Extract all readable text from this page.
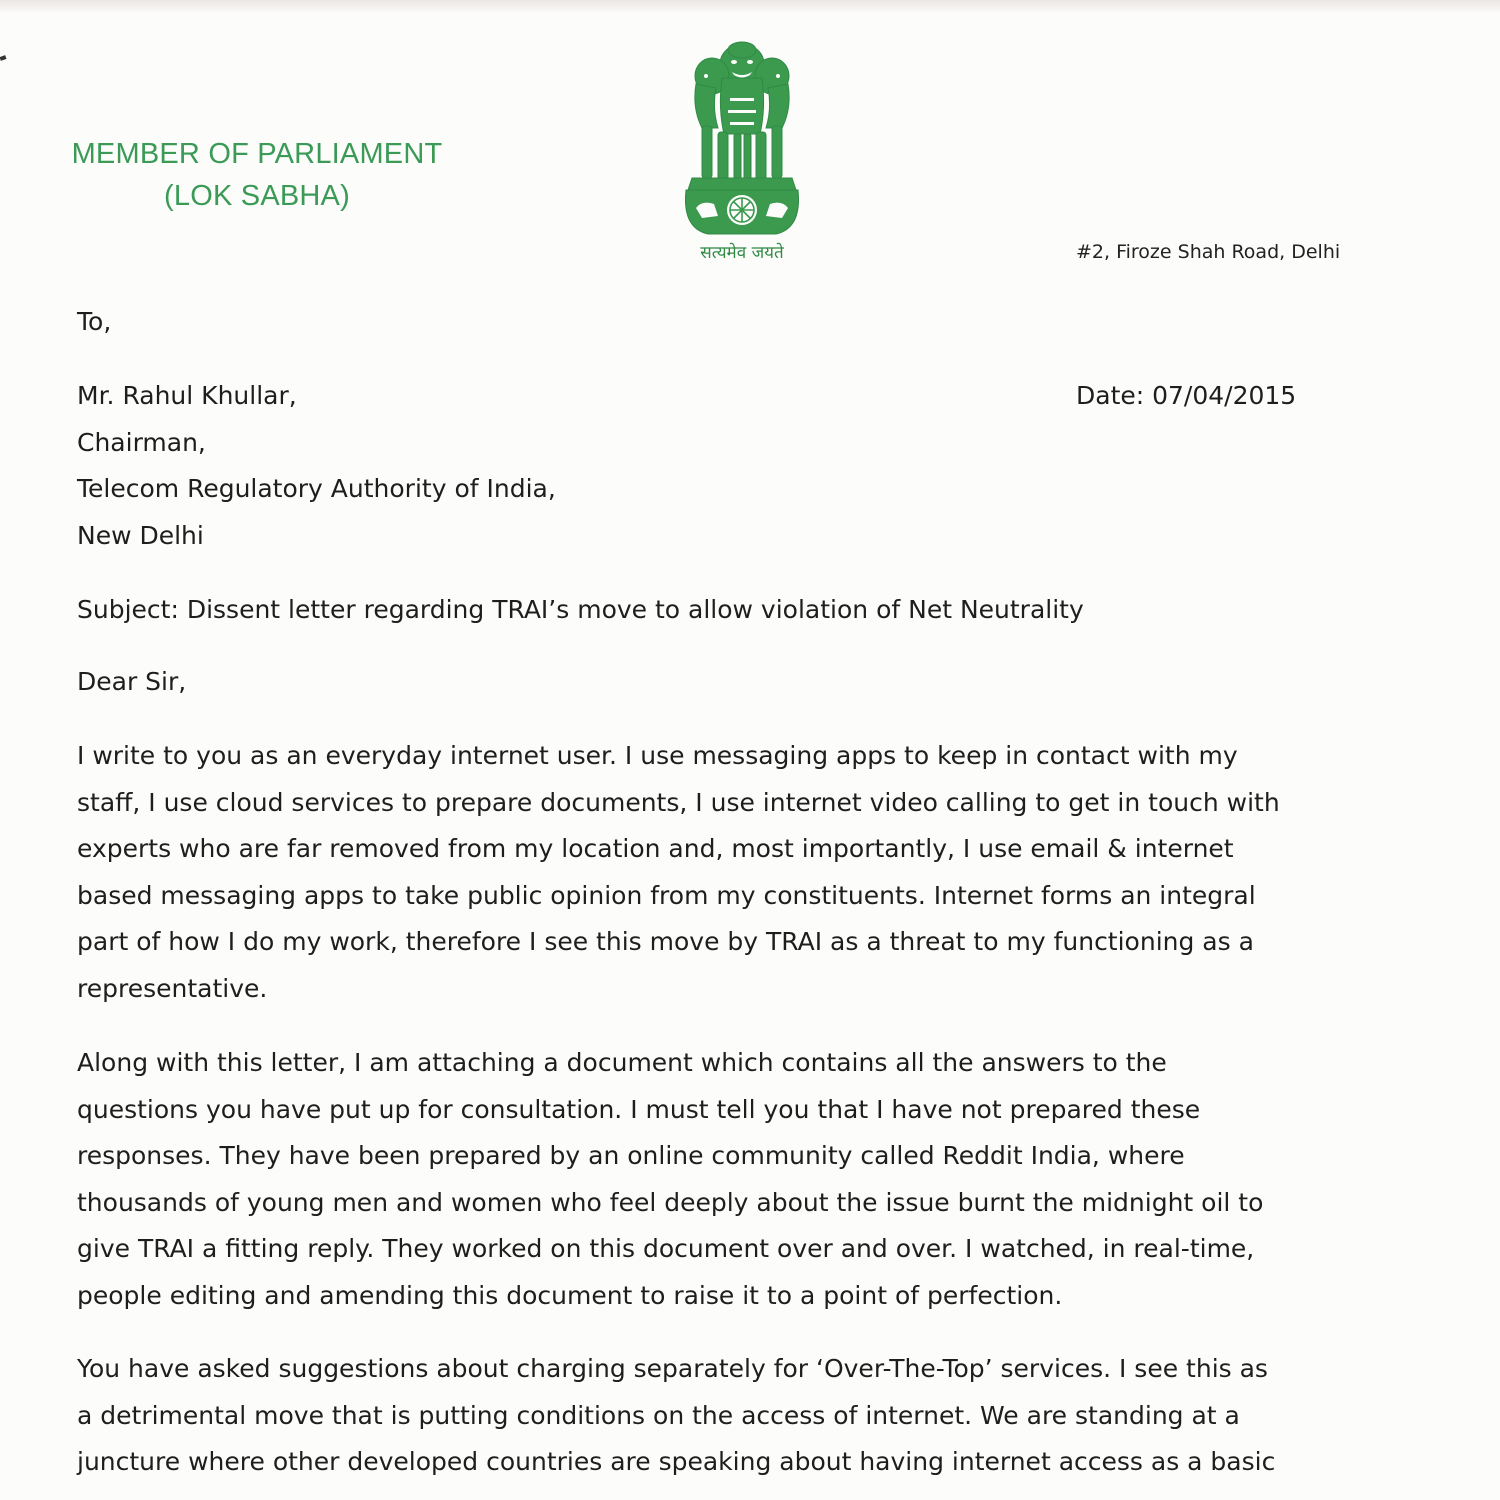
MEMBER OF PARLIAMENT
(LOK SABHA)
सत्यमेव जयते	#2, Firoze Shah Road, Delhi
To,
Mr. Rahul Khullar,
Chairman,
Telecom Regulatory Authority of India,
New Delhi
Date: 07/04/2015
Subject: Dissent letter regarding TRAI’s move to allow violation of Net Neutrality
Dear Sir,
I write to you as an everyday internet user. I use messaging apps to keep in contact with my
staff, I use cloud services to prepare documents, I use internet video calling to get in touch with
experts who are far removed from my location and, most importantly, I use email & internet
based messaging apps to take public opinion from my constituents. Internet forms an integral
part of how I do my work, therefore I see this move by TRAI as a threat to my functioning as a
representative.
Along with this letter, I am attaching a document which contains all the answers to the
questions you have put up for consultation. I must tell you that I have not prepared these
responses. They have been prepared by an online community called Reddit India, where
thousands of young men and women who feel deeply about the issue burnt the midnight oil to
give TRAI a fitting reply. They worked on this document over and over. I watched, in real-time,
people editing and amending this document to raise it to a point of perfection.
You have asked suggestions about charging separately for ‘Over-The-Top’ services. I see this as
a detrimental move that is putting conditions on the access of internet. We are standing at a
juncture where other developed countries are speaking about having internet access as a basic
